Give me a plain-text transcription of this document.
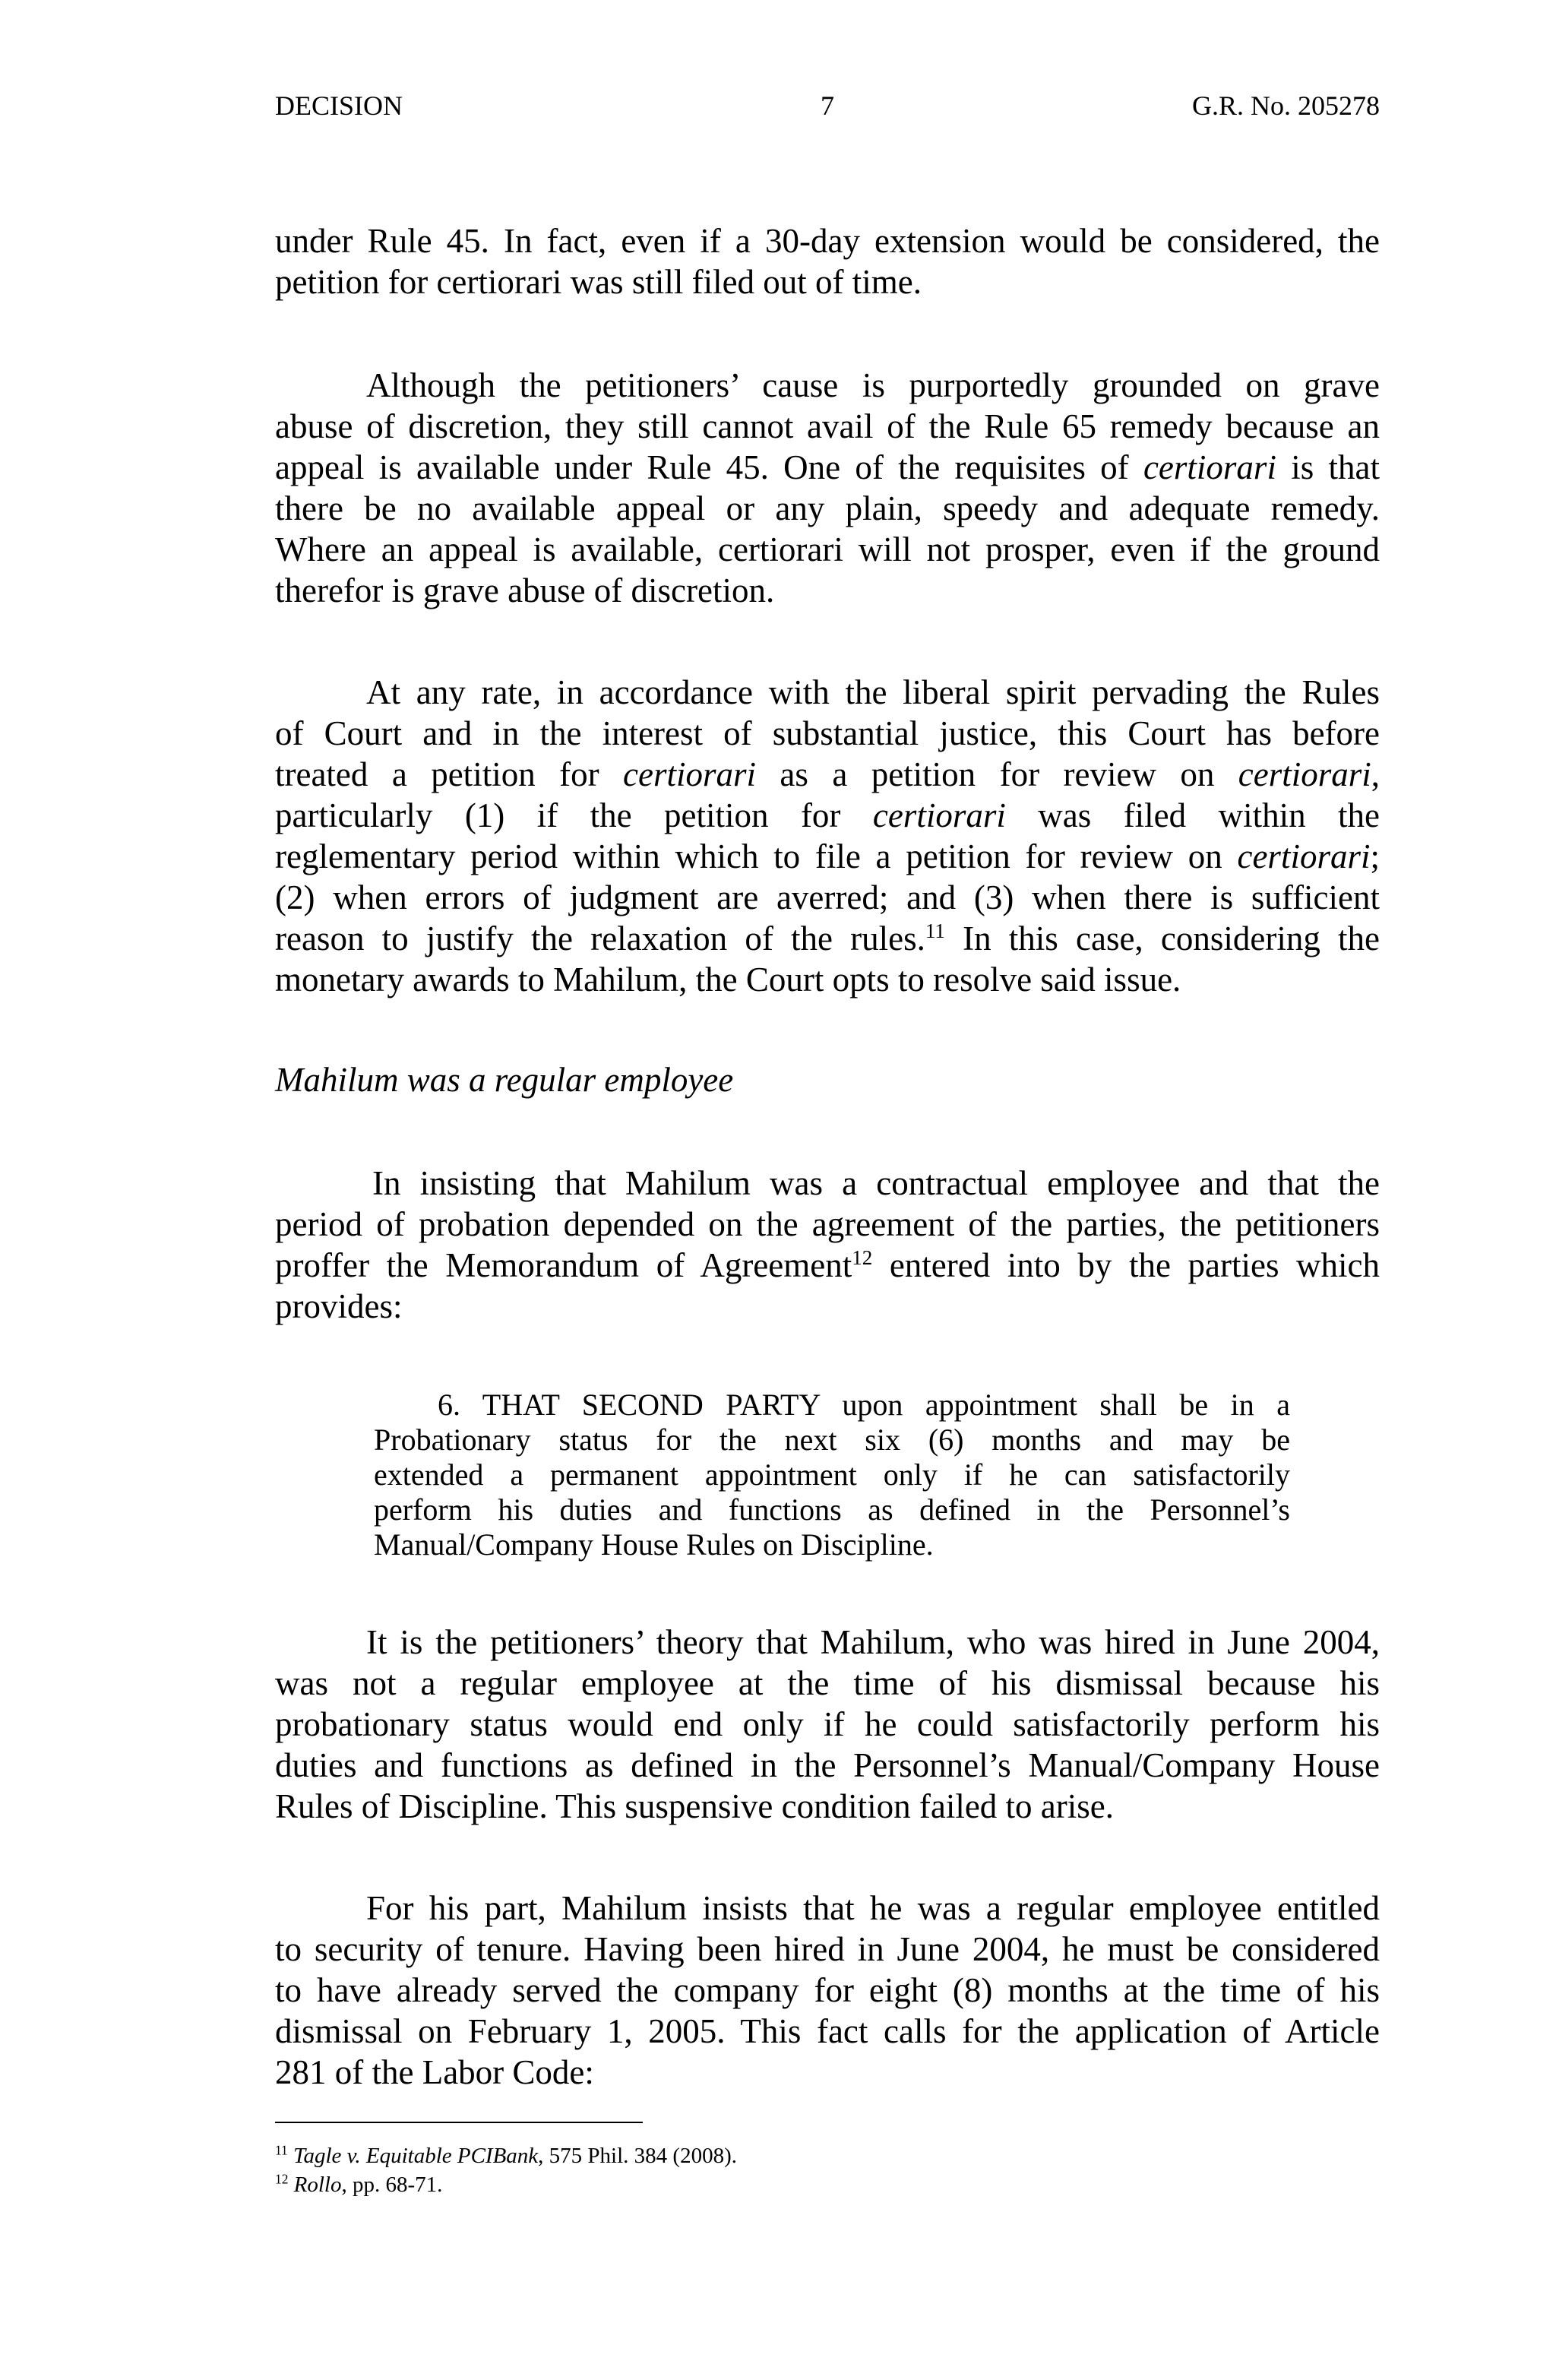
DECISION	7	G.R. No. 205278
under Rule 45. In fact, even if a 30-day extension would be considered, the
petition for certiorari was still filed out of time.
Although the petitioners’ cause is purportedly grounded on grave
abuse of discretion, they still cannot avail of the Rule 65 remedy because an
appeal is available under Rule 45. One of the requisites of certiorari is that
there be no available appeal or any plain, speedy and adequate remedy.
Where an appeal is available, certiorari will not prosper, even if the ground
therefor is grave abuse of discretion.
At any rate, in accordance with the liberal spirit pervading the Rules
of Court and in the interest of substantial justice, this Court has before
treated a petition for certiorari as a petition for review on certiorari,
particularly (1) if the petition for certiorari was filed within the
reglementary period within which to file a petition for review on certiorari;
(2) when errors of judgment are averred; and (3) when there is sufficient
reason to justify the relaxation of the rules.$^{11}$ In this case, considering the
monetary awards to Mahilum, the Court opts to resolve said issue.
Mahilum was a regular employee
In insisting that Mahilum was a contractual employee and that the
period of probation depended on the agreement of the parties, the petitioners
proffer the Memorandum of Agreement$^{12}$ entered into by the parties which
provides:
6. THAT SECOND PARTY upon appointment shall be in a
Probationary status for the next six (6) months and may be
extended a permanent appointment only if he can satisfactorily
perform his duties and functions as defined in the Personnel’s
Manual/Company House Rules on Discipline.
It is the petitioners’ theory that Mahilum, who was hired in June 2004,
was not a regular employee at the time of his dismissal because his
probationary status would end only if he could satisfactorily perform his
duties and functions as defined in the Personnel’s Manual/Company House
Rules of Discipline. This suspensive condition failed to arise.
For his part, Mahilum insists that he was a regular employee entitled
to security of tenure. Having been hired in June 2004, he must be considered
to have already served the company for eight (8) months at the time of his
dismissal on February 1, 2005. This fact calls for the application of Article
281 of the Labor Code:
$^{11}$ Tagle v. Equitable PCIBank, 575 Phil. 384 (2008).
$^{12}$ Rollo, pp. 68-71.
